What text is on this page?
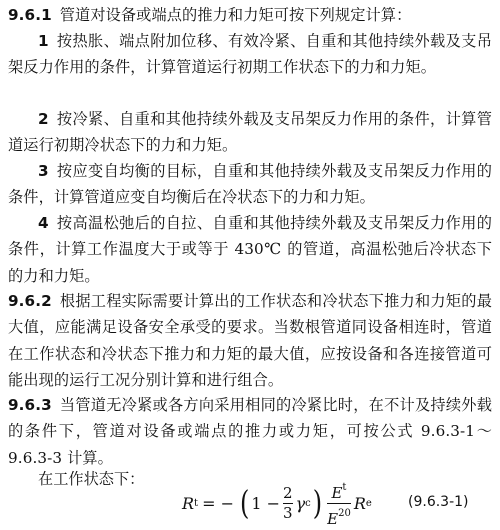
9.6.1 管道对设备或端点的推力和力矩可按下列规定计算：
1 按热胀、端点附加位移、有效冷紧、自重和其他持续外载及支吊架反力作用的条件，计算管道运行初期工作状态下的力和力矩。
2 按冷紧、自重和其他持续外载及支吊架反力作用的条件，计算管道运行初期冷状态下的力和力矩。
3 按应变自均衡的目标，自重和其他持续外载及支吊架反力作用的条件，计算管道应变自均衡后在冷状态下的力和力矩。
4 按高温松弛后的自拉、自重和其他持续外载及支吊架反力作用的条件，计算工作温度大于或等于 430℃ 的管道，高温松弛后冷状态下的力和力矩。
9.6.2 根据工程实际需要计算出的工作状态和冷状态下推力和力矩的最大值，应能满足设备安全承受的要求。当数根管道同设备相连时，管道在工作状态和冷状态下推力和力矩的最大值，应按设备和各连接管道可能出现的运行工况分别计算和进行组合。
9.6.3 当管道无冷紧或各方向采用相同的冷紧比时，在不计及持续外载的条件下，管道对设备或端点的推力或力矩，可按公式 9.6.3-1～9.6.3-3 计算。
在工作状态下：
R t = − ( $1 - \frac{2}{3}$ γ c ) $\frac{E^t}{E^{20}}$ R e	(9.6.3-1)
